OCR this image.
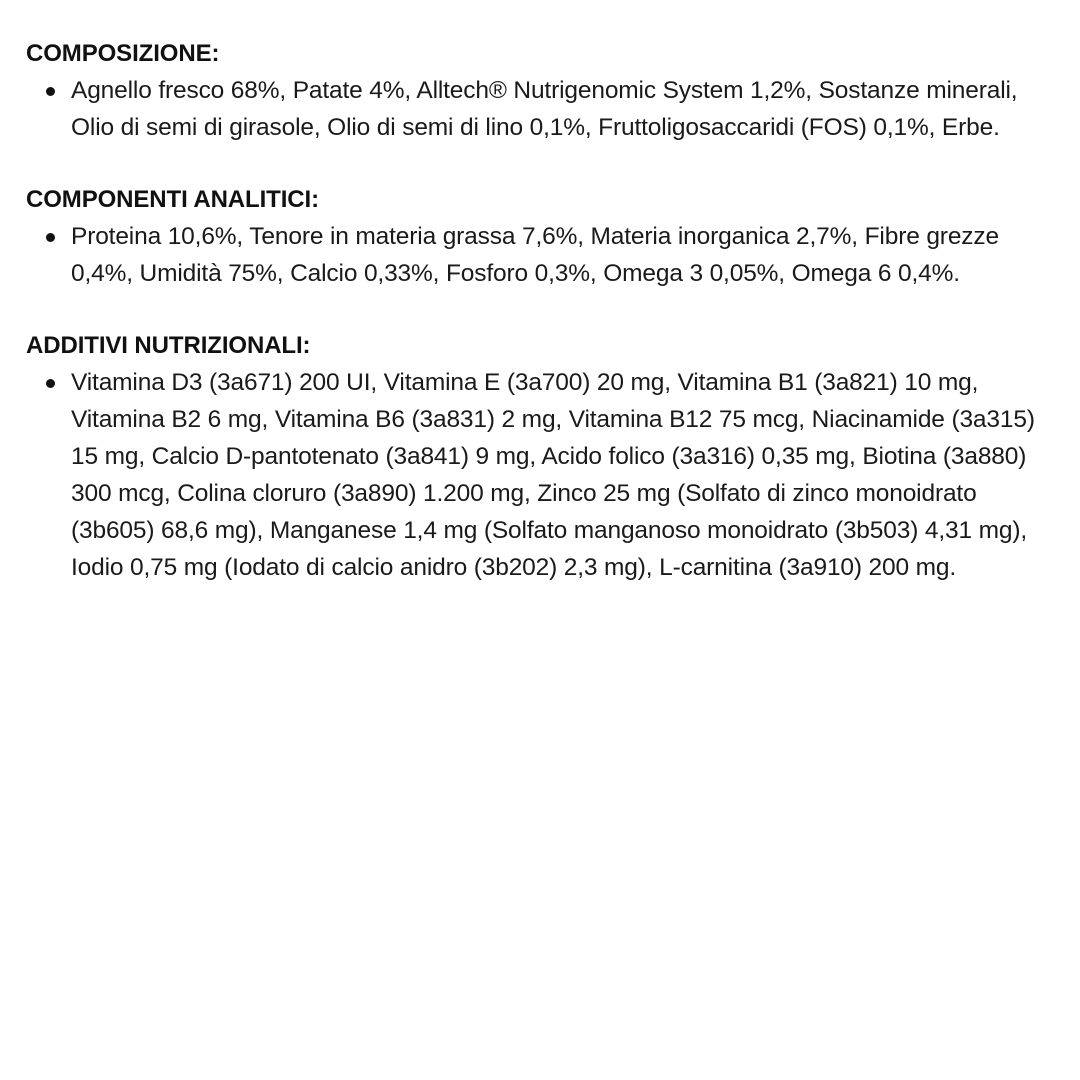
COMPOSIZIONE:
Agnello fresco 68%, Patate 4%, Alltech® Nutrigenomic System 1,2%, Sostanze minerali, Olio di semi di girasole, Olio di semi di lino 0,1%, Fruttoligosaccaridi (FOS) 0,1%, Erbe.
COMPONENTI ANALITICI:
Proteina 10,6%, Tenore in materia grassa 7,6%, Materia inorganica 2,7%, Fibre grezze 0,4%, Umidità 75%, Calcio 0,33%, Fosforo 0,3%, Omega 3 0,05%, Omega 6 0,4%.
ADDITIVI NUTRIZIONALI:
Vitamina D3 (3a671) 200 UI, Vitamina E (3a700) 20 mg, Vitamina B1 (3a821) 10 mg, Vitamina B2 6 mg, Vitamina B6 (3a831) 2 mg, Vitamina B12 75 mcg, Niacinamide (3a315) 15 mg, Calcio D-pantotenato (3a841) 9 mg, Acido folico (3a316) 0,35 mg, Biotina (3a880) 300 mcg, Colina cloruro (3a890) 1.200 mg, Zinco 25 mg (Solfato di zinco monoidrato (3b605) 68,6 mg), Manganese 1,4 mg (Solfato manganoso monoidrato (3b503) 4,31 mg), Iodio 0,75 mg (Iodato di calcio anidro (3b202) 2,3 mg), L-carnitina (3a910) 200 mg.
